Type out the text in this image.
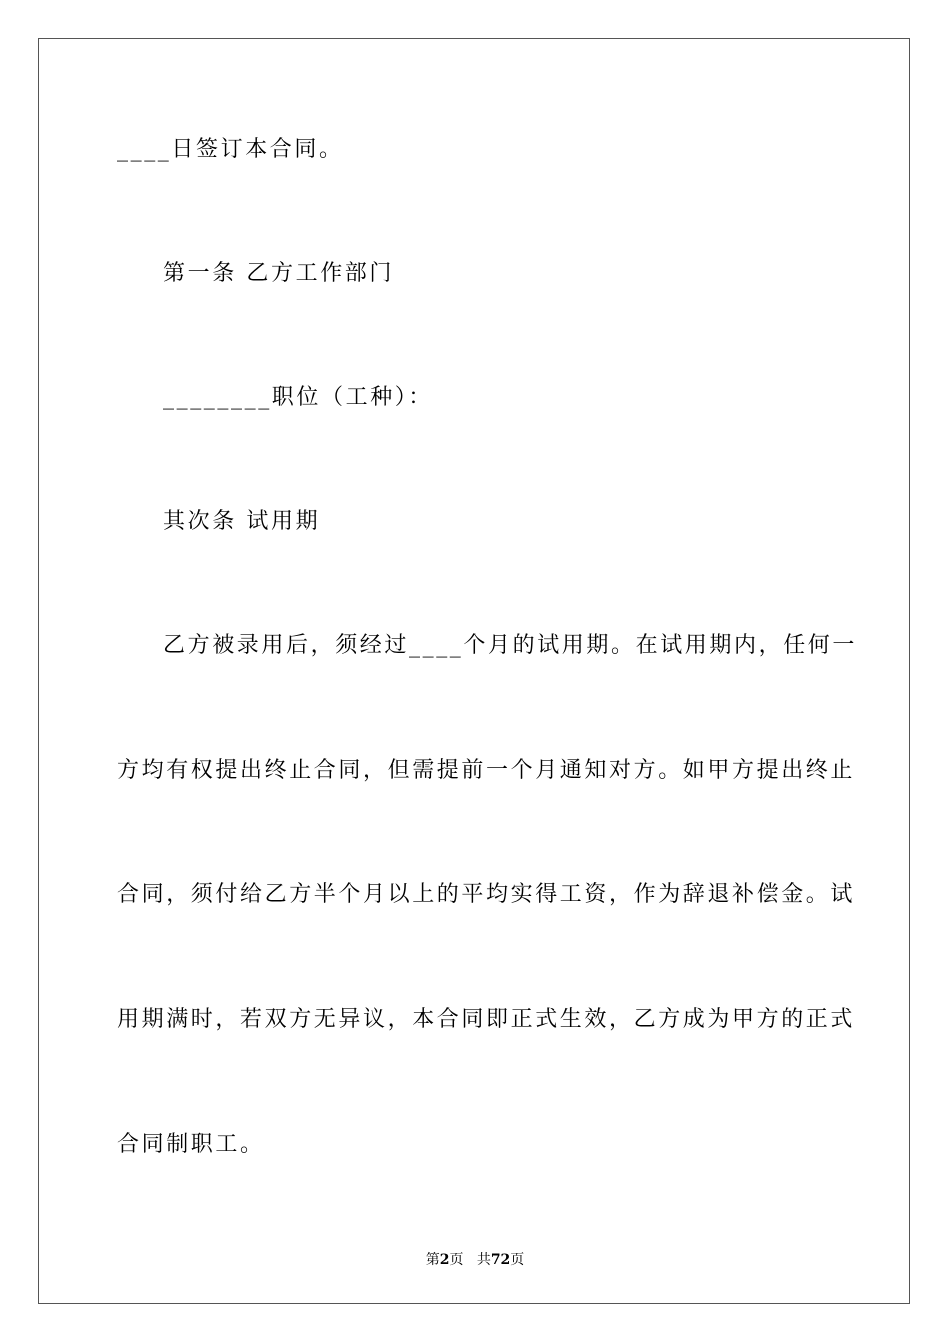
____日签订本合同。
第一条 乙方工作部门
________职位（工种）：
其次条 试用期
乙方被录用后，须经过____个月的试用期。在试用期内，任何一
方均有权提出终止合同，但需提前一个月通知对方。如甲方提出终止
合同，须付给乙方半个月以上的平均实得工资，作为辞退补偿金。试
用期满时，若双方无异议，本合同即正式生效，乙方成为甲方的正式
合同制职工。
第2页 共72页
